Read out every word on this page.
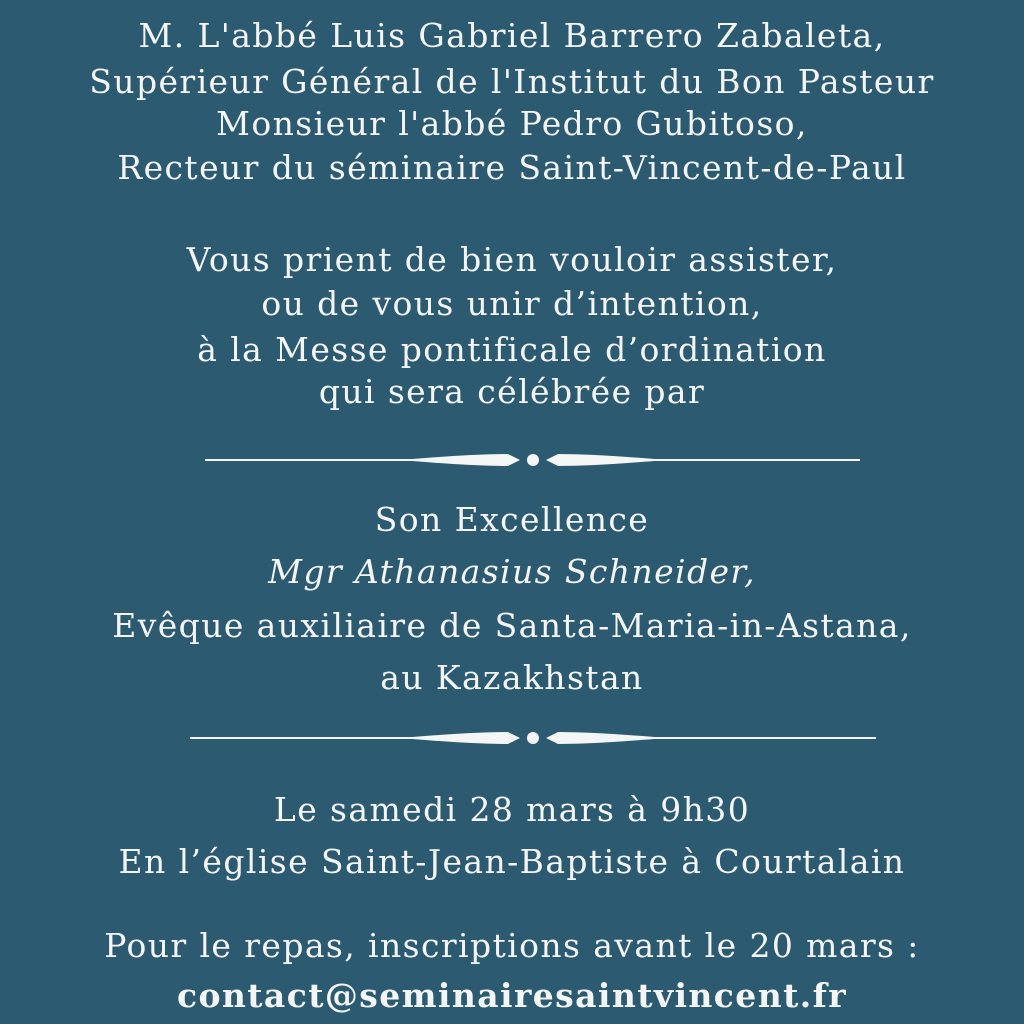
M. L'abbé Luis Gabriel Barrero Zabaleta,
Supérieur Général de l'Institut du Bon Pasteur
Monsieur l'abbé Pedro Gubitoso,
Recteur du séminaire Saint-Vincent-de-Paul
Vous prient de bien vouloir assister,
ou de vous unir d’intention,
à la Messe pontificale d’ordination
qui sera célébrée par
Son Excellence
Mgr Athanasius Schneider,
Evêque auxiliaire de Santa-Maria-in-Astana,
au Kazakhstan
Le samedi 28 mars à 9h30
En l’église Saint-Jean-Baptiste à Courtalain
Pour le repas, inscriptions avant le 20 mars :
contact@seminairesaintvincent.fr
